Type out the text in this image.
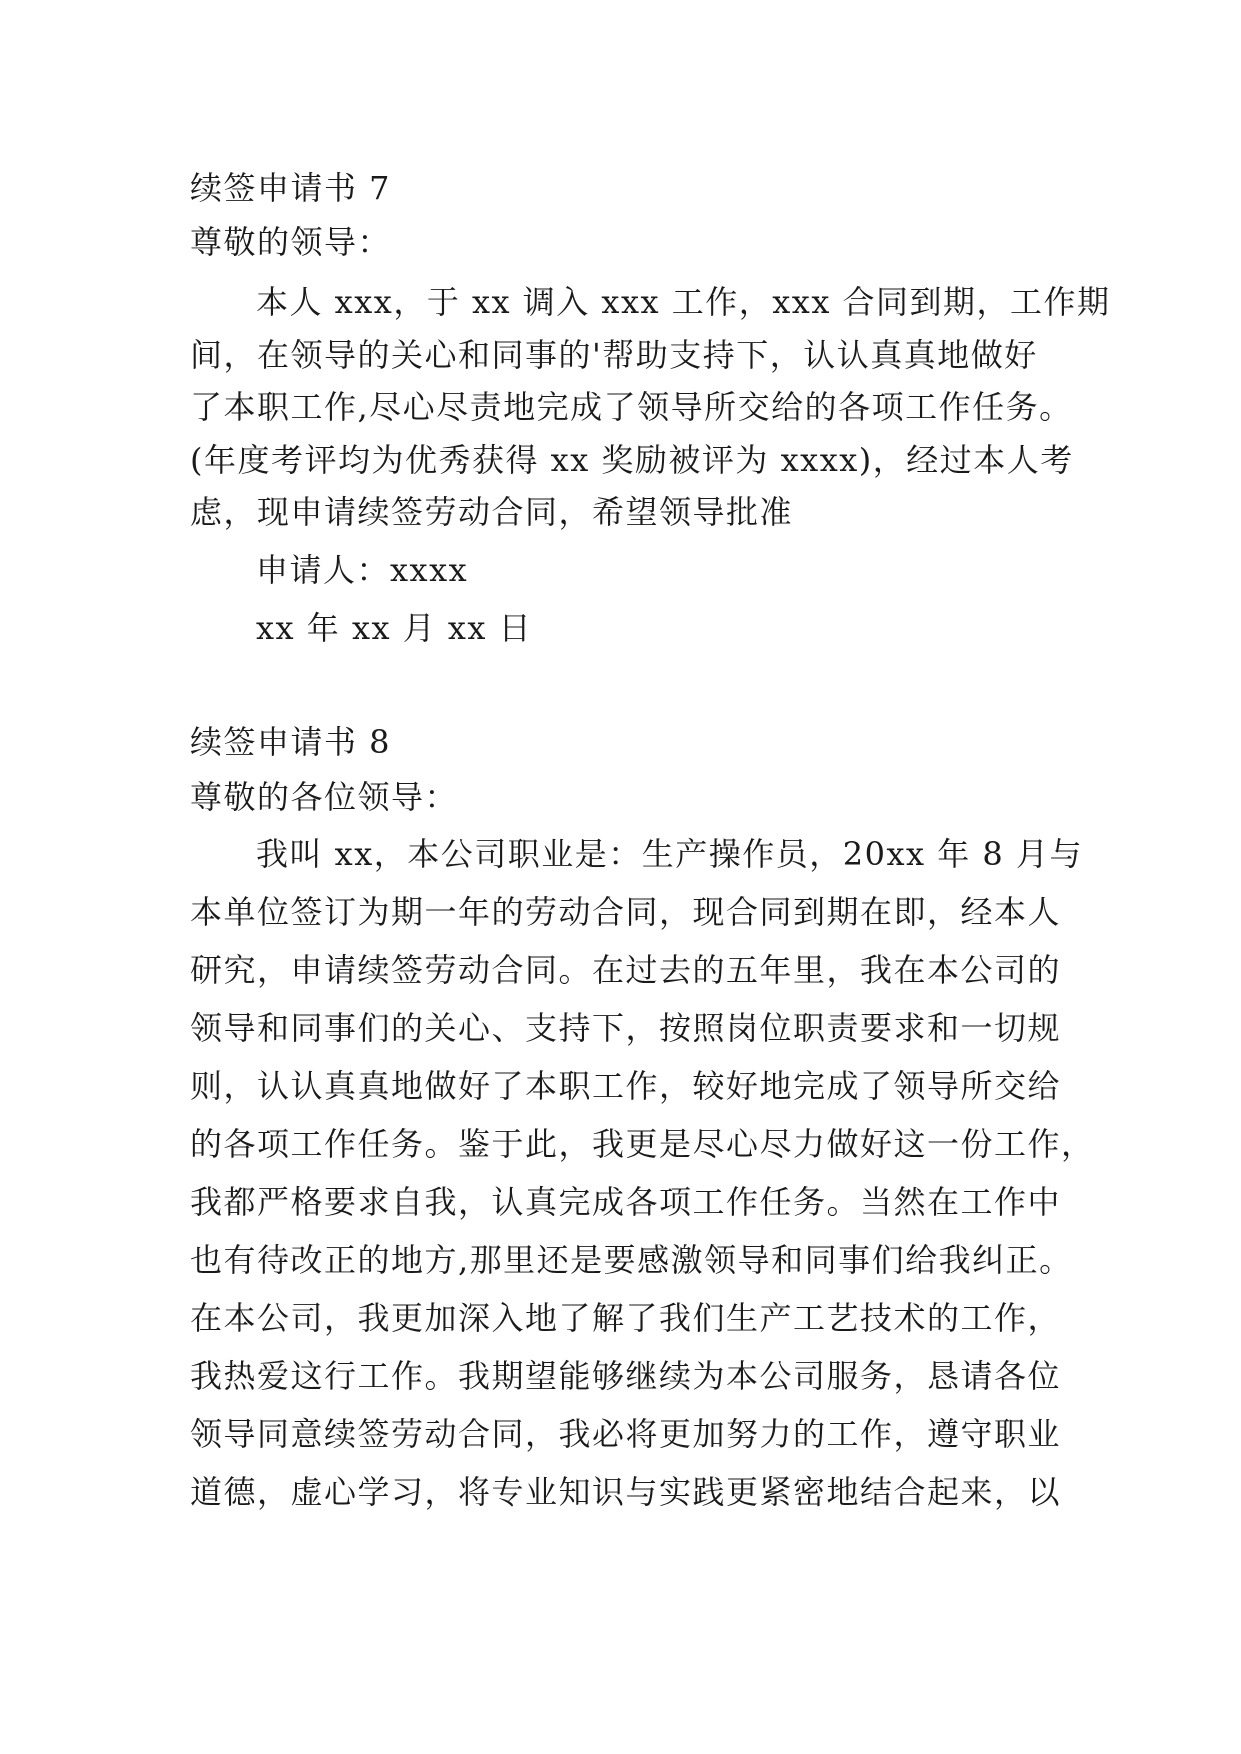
续签申请书 7
尊敬的领导：
本人 xxx，于 xx 调入 xxx 工作，xxx 合同到期，工作期
间，在领导的关心和同事的'帮助支持下，认认真真地做好
了本职工作,尽心尽责地完成了领导所交给的各项工作任务。
(年度考评均为优秀获得 xx 奖励被评为 xxxx)，经过本人考
虑，现申请续签劳动合同，希望领导批准
申请人：xxxx
xx 年 xx 月 xx 日
续签申请书 8
尊敬的各位领导：
我叫 xx，本公司职业是：生产操作员，20xx 年 8 月与
本单位签订为期一年的劳动合同，现合同到期在即，经本人
研究，申请续签劳动合同。在过去的五年里，我在本公司的
领导和同事们的关心、支持下，按照岗位职责要求和一切规
则，认认真真地做好了本职工作，较好地完成了领导所交给
的各项工作任务。鉴于此，我更是尽心尽力做好这一份工作，
我都严格要求自我，认真完成各项工作任务。当然在工作中
也有待改正的地方,那里还是要感激领导和同事们给我纠正。
在本公司，我更加深入地了解了我们生产工艺技术的工作，
我热爱这行工作。我期望能够继续为本公司服务，恳请各位
领导同意续签劳动合同，我必将更加努力的工作，遵守职业
道德，虚心学习，将专业知识与实践更紧密地结合起来，以
